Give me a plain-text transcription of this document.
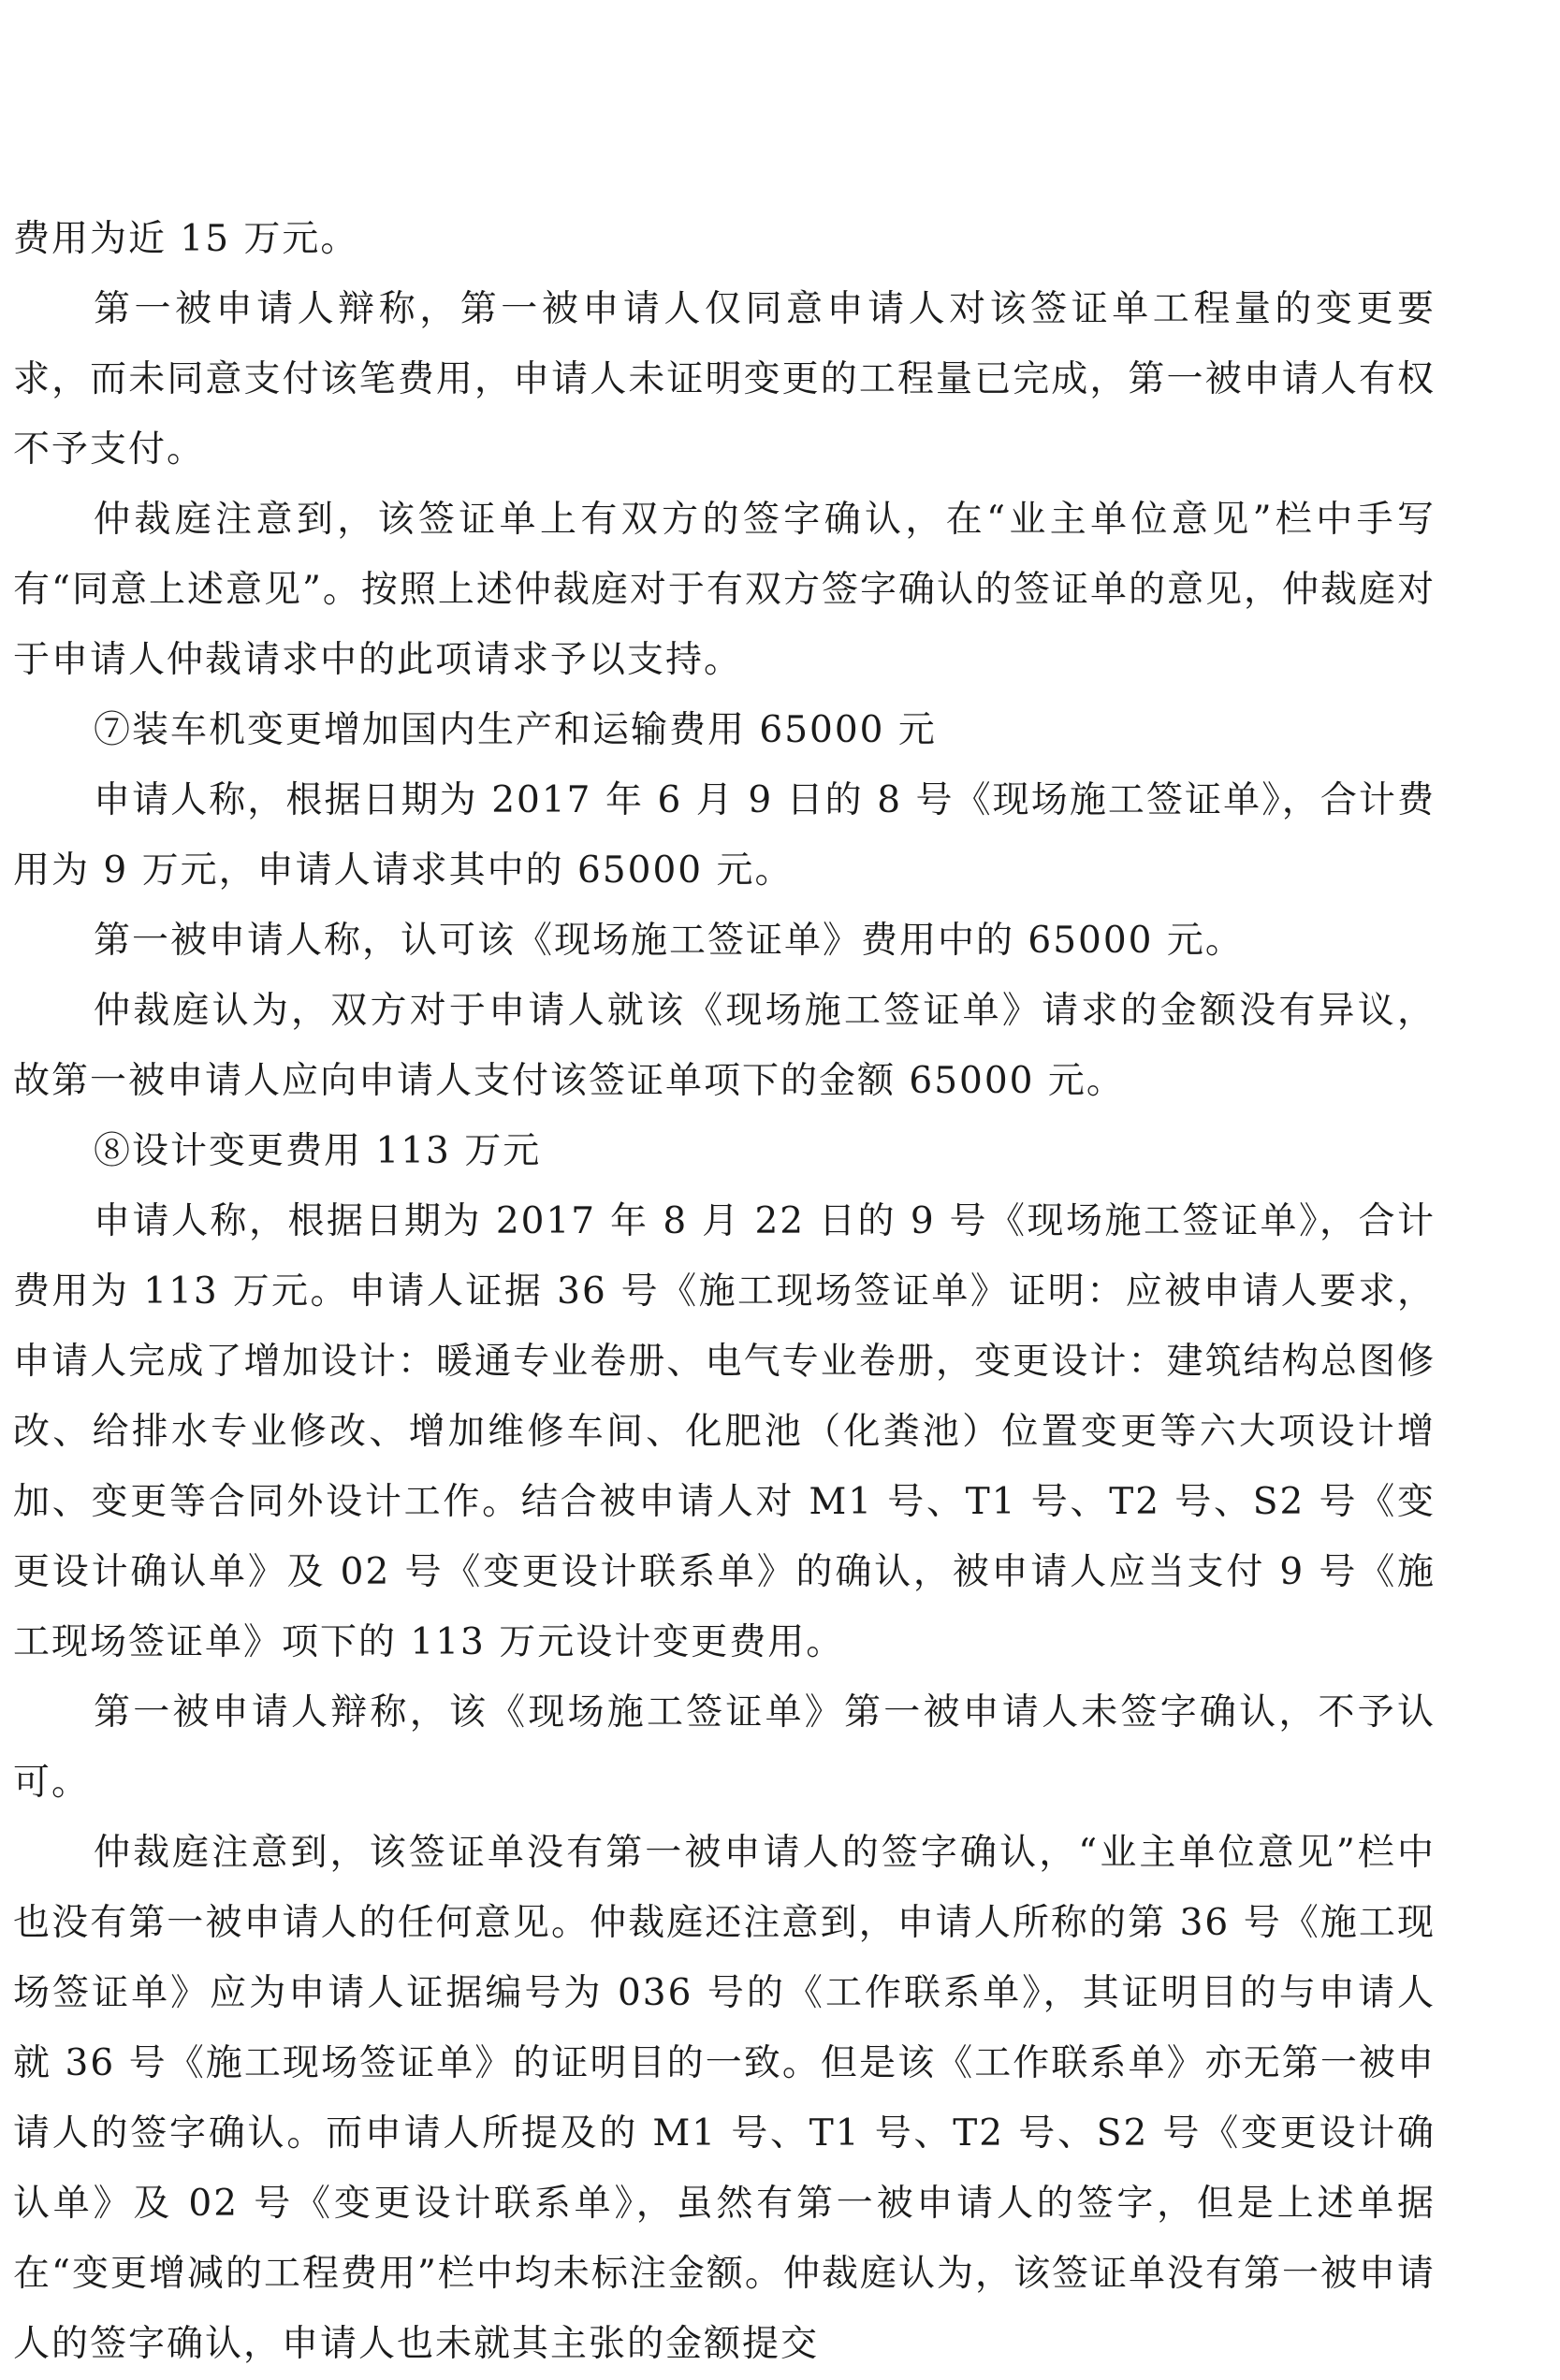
费用为近 15 万元。

第一被申请人辩称，第一被申请人仅同意申请人对该签证单工程量的变更要求，而未同意支付该笔费用，申请人未证明变更的工程量已完成，第一被申请人有权不予支付。

仲裁庭注意到，该签证单上有双方的签字确认，在“业主单位意见”栏中手写有“同意上述意见”。按照上述仲裁庭对于有双方签字确认的签证单的意见，仲裁庭对于申请人仲裁请求中的此项请求予以支持。

⑦装车机变更增加国内生产和运输费用 65000 元

申请人称，根据日期为 2017 年 6 月 9 日的 8 号《现场施工签证单》，合计费用为 9 万元，申请人请求其中的 65000 元。

第一被申请人称，认可该《现场施工签证单》费用中的 65000 元。

仲裁庭认为，双方对于申请人就该《现场施工签证单》请求的金额没有异议，故第一被申请人应向申请人支付该签证单项下的金额 65000 元。

⑧设计变更费用 113 万元

申请人称，根据日期为 2017 年 8 月 22 日的 9 号《现场施工签证单》，合计费用为 113 万元。申请人证据 36 号《施工现场签证单》证明：应被申请人要求，申请人完成了增加设计：暖通专业卷册、电气专业卷册，变更设计：建筑结构总图修改、给排水专业修改、增加维修车间、化肥池（化粪池）位置变更等六大项设计增加、变更等合同外设计工作。结合被申请人对 M1 号、T1 号、T2 号、S2 号《变更设计确认单》及 02 号《变更设计联系单》的确认，被申请人应当支付 9 号《施工现场签证单》项下的 113 万元设计变更费用。

第一被申请人辩称，该《现场施工签证单》第一被申请人未签字确认，不予认可。

仲裁庭注意到，该签证单没有第一被申请人的签字确认，“业主单位意见”栏中也没有第一被申请人的任何意见。仲裁庭还注意到，申请人所称的第 36 号《施工现场签证单》应为申请人证据编号为 036 号的《工作联系单》，其证明目的与申请人就 36 号《施工现场签证单》的证明目的一致。但是该《工作联系单》亦无第一被申请人的签字确认。而申请人所提及的 M1 号、T1 号、T2 号、S2 号《变更设计确认单》及 02 号《变更设计联系单》，虽然有第一被申请人的签字，但是上述单据在“变更增减的工程费用”栏中均未标注金额。仲裁庭认为，该签证单没有第一被申请人的签字确认，申请人也未就其主张的金额提交
